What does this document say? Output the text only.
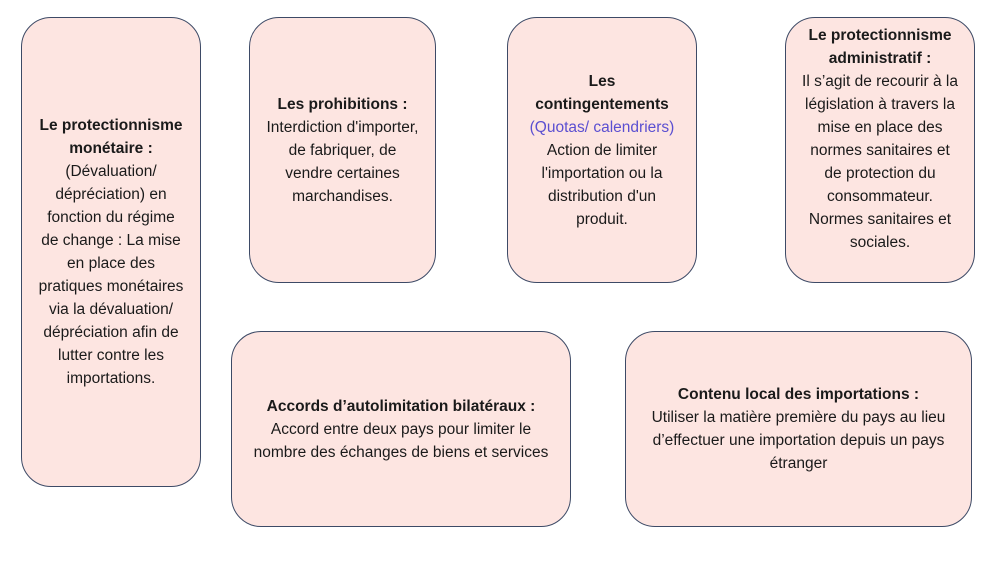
Le protectionnisme monétaire :
(Dévaluation/ dépréciation) en fonction du régime de change : La mise en place des pratiques monétaires via la dévaluation/ dépréciation afin de lutter contre les importations.
Les prohibitions :
Interdiction d'importer, de fabriquer, de vendre certaines marchandises.
Les contingentements
(Quotas/ calendriers)
Action de limiter l'importation ou la distribution d'un produit.
Le protectionnisme administratif :
Il s’agit de recourir à la législation à travers la mise en place des normes sanitaires et de protection du consommateur.
Normes sanitaires et sociales.
Accords d’autolimitation bilatéraux :
Accord entre deux pays pour limiter le nombre des échanges de biens et services
Contenu local des importations :
Utiliser la matière première du pays au lieu d’effectuer une importation depuis un pays étranger
